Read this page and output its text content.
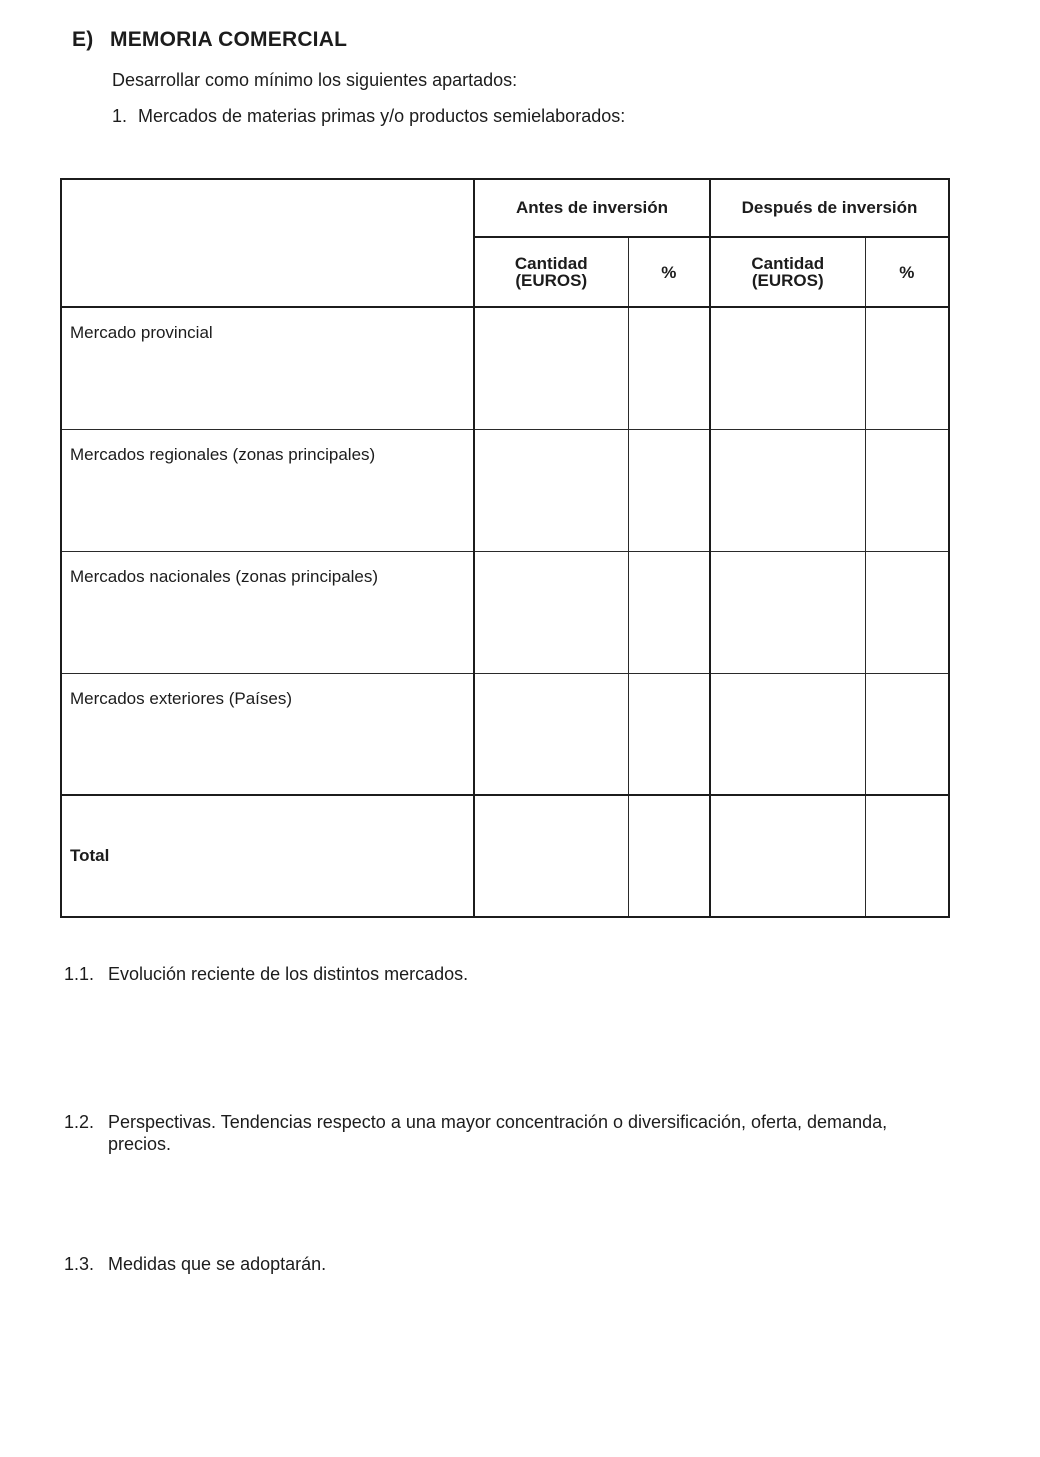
E) MEMORIA COMERCIAL
Desarrollar como mínimo los siguientes apartados:
1. Mercados de materias primas y/o productos semielaborados:
	Antes de inversión		Después de inversión	

	Cantidad
(EUROS)	%	Cantidad
(EUROS)	%
Mercado provincial				
Mercados regionales (zonas principales)				
Mercados nacionales (zonas principales)				
Mercados exteriores (Países)				
Total				
1.1. Evolución reciente de los distintos mercados.
1.2. Perspectivas. Tendencias respecto a una mayor concentración o diversificación, oferta, demanda,
precios.
1.3. Medidas que se adoptarán.
